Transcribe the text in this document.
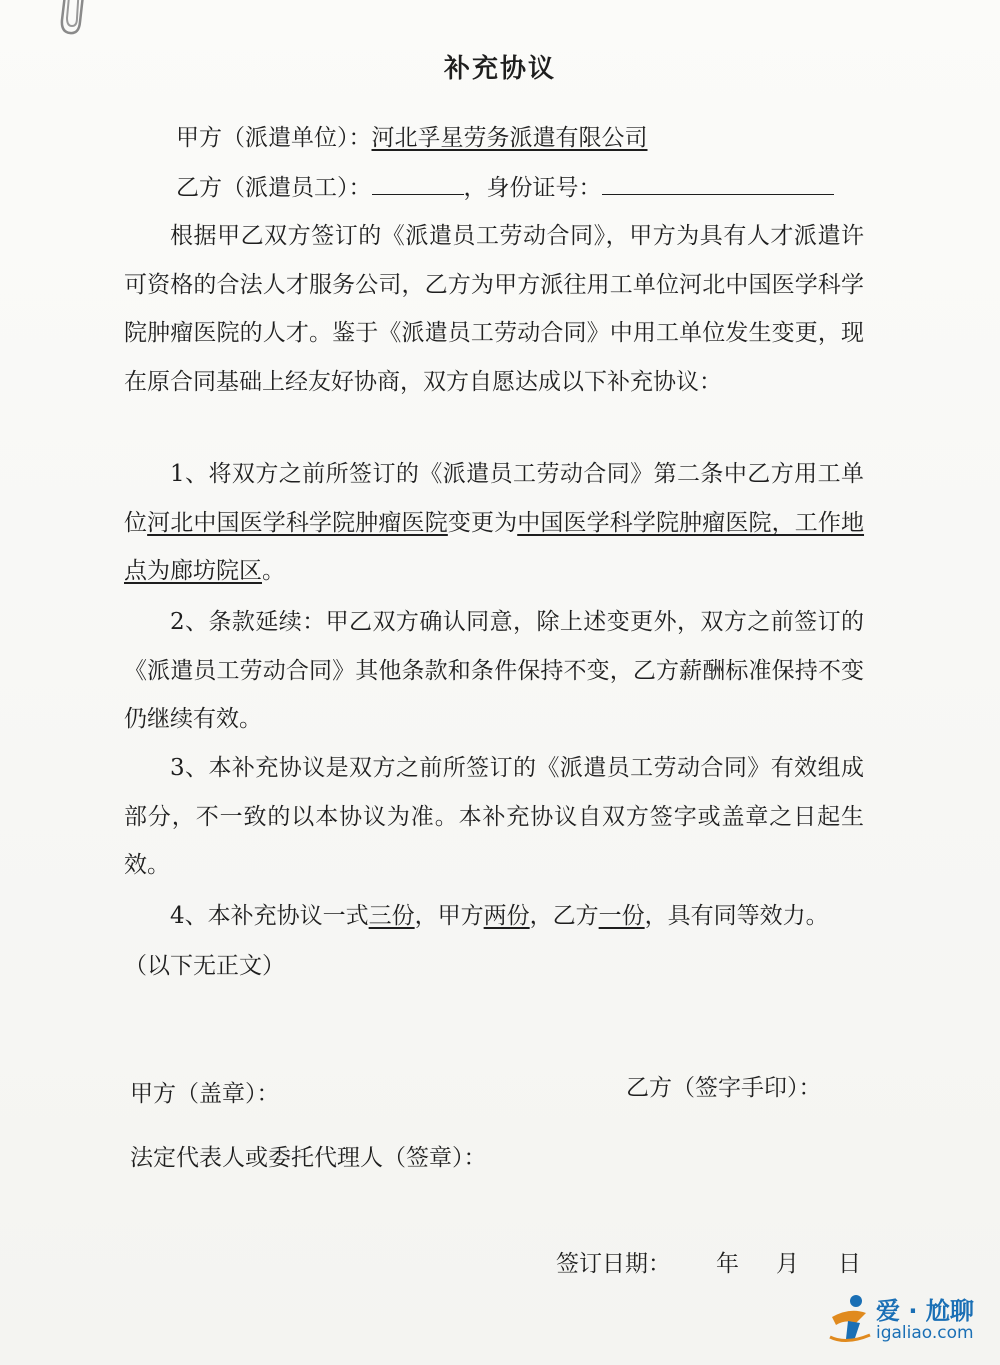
补充协议
甲方（派遣单位）：河北孚星劳务派遣有限公司
乙方（派遣员工）：	，身份证号：
根据甲乙双方签订的《派遣员工劳动合同》，甲方为具有人才派遣许可资格的合法人才服务公司，乙方为甲方派往用工单位河北中国医学科学院肿瘤医院的人才。鉴于《派遣员工劳动合同》中用工单位发生变更，现在原合同基础上经友好协商，双方自愿达成以下补充协议：
1、将双方之前所签订的《派遣员工劳动合同》第二条中乙方用工单位河北中国医学科学院肿瘤医院变更为中国医学科学院肿瘤医院，工作地点为廊坊院区。
2、条款延续：甲乙双方确认同意，除上述变更外，双方之前签订的《派遣员工劳动合同》其他条款和条件保持不变，乙方薪酬标准保持不变仍继续有效。
3、本补充协议是双方之前所签订的《派遣员工劳动合同》有效组成部分，不一致的以本协议为准。本补充协议自双方签字或盖章之日起生效。
4、本补充协议一式三份，甲方两份，乙方一份，具有同等效力。
（以下无正文）
甲方（盖章）：	乙方（签字手印）：
法定代表人或委托代理人（签章）：
签订日期： 年 月 日
爱 · 尬聊
igaliao.com
